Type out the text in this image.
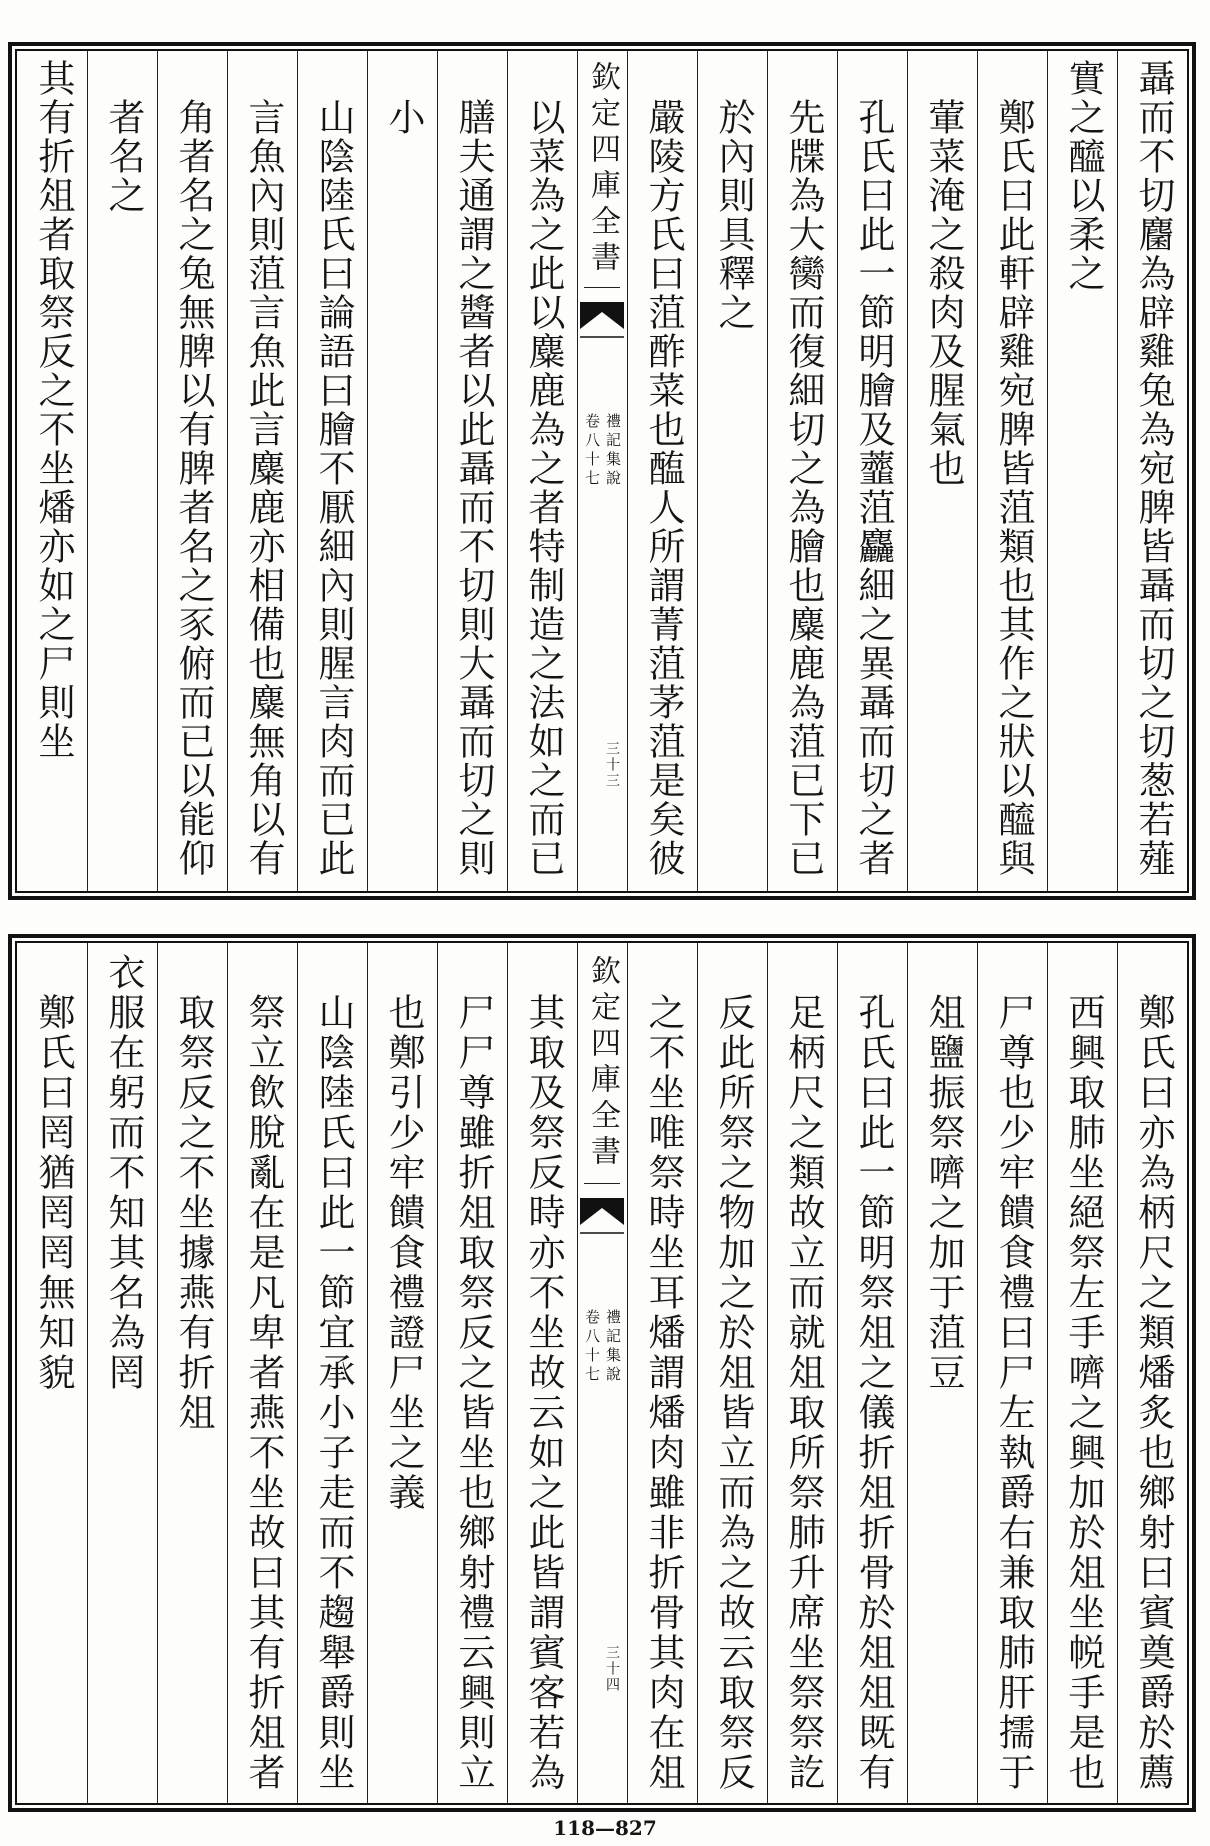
聶而不切麕為辟雞兔為宛脾皆聶而切之切葱若薤
實之醯以柔之
鄭氏曰此軒辟雞宛脾皆菹類也其作之狀以醯與
葷菜淹之殺肉及腥氣也
孔氏曰此一節明膾及虀菹麤細之異聶而切之者
先牒為大臠而復細切之為膾也麋鹿為菹已下已
於內則具釋之
嚴陵方氏曰菹酢菜也醢人所謂菁菹茅菹是矣彼
欽定四庫全書
禮記集說
卷八十七
三十三
以菜為之此以麋鹿為之者特制造之法如之而已
膳夫通謂之醬者以此聶而不切則大聶而切之則
小
山陰陸氏曰論語曰膾不厭細內則腥言肉而已此
言魚內則菹言魚此言麋鹿亦相備也麋無角以有
角者名之兔無脾以有脾者名之豕俯而已以能仰
者名之
其有折俎者取祭反之不坐燔亦如之尸則坐
鄭氏曰亦為柄尺之類燔炙也鄉射曰賓奠爵於薦
西興取肺坐絕祭左手嚌之興加於俎坐帨手是也
尸尊也少牢饋食禮曰尸左執爵右兼取肺肝擩于
俎鹽振祭嚌之加于菹豆
孔氏曰此一節明祭俎之儀折俎折骨於俎俎既有
足柄尺之類故立而就俎取所祭肺升席坐祭祭訖
反此所祭之物加之於俎皆立而為之故云取祭反
之不坐唯祭時坐耳燔謂燔肉雖非折骨其肉在俎
欽定四庫全書
禮記集說
卷八十七
三十四
其取及祭反時亦不坐故云如之此皆謂賓客若為
尸尸尊雖折俎取祭反之皆坐也鄉射禮云興則立
也鄭引少牢饋食禮證尸坐之義
山陰陸氏曰此一節宜承小子走而不趨舉爵則坐
祭立飲脫亂在是凡卑者燕不坐故曰其有折俎者
取祭反之不坐據燕有折俎
衣服在躬而不知其名為罔
鄭氏曰罔猶罔罔無知貌
118—827
